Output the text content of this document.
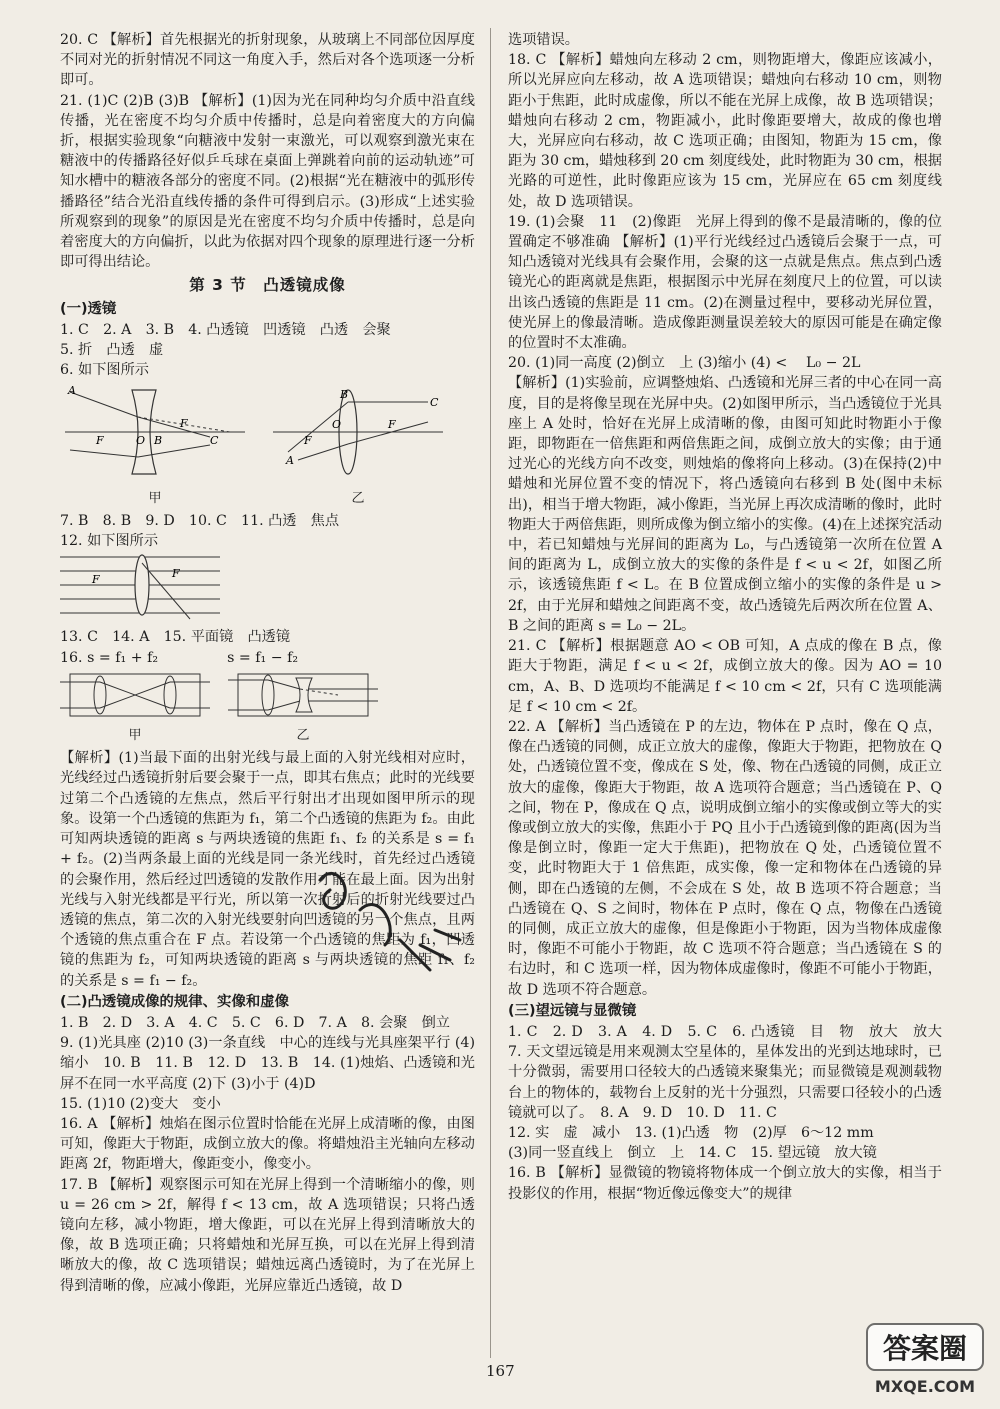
20. C 【解析】首先根据光的折射现象，从玻璃上不同部位因厚度不同对光的折射情况不同这一角度入手，然后对各个选项逐一分析即可。

21. (1)C (2)B (3)B 【解析】(1)因为光在同种均匀介质中沿直线传播，光在密度不均匀介质中传播时，总是向着密度大的方向偏折，根据实验现象“向糖液中发射一束激光，可以观察到激光束在糖液中的传播路径好似乒乓球在桌面上弹跳着向前的运动轨迹”可知水槽中的糖液各部分的密度不同。(2)根据“光在糖液中的弧形传播路径”结合光沿直线传播的条件可得到启示。(3)形成“上述实验所观察到的现象”的原因是光在密度不均匀介质中传播时，总是向着密度大的方向偏折，以此为依据对四个现象的原理进行逐一分析即可得出结论。

第 3 节　凸透镜成像
(一)透镜

1. C　2. A　3. B　4. 凸透镜　凹透镜　凸透　会聚

5. 折　凸透　虚

6. 如下图所示

A
F	O B
F
C
甲
B
O
F
F
C
A
乙

7. B　8. B　9. D　10. C　11. 凸透　焦点

12. 如下图所示

F	F

13. C　14. A　15. 平面镜　凸透镜

16. s = f₁ + f₂	s = f₁ − f₂

甲	乙

【解析】(1)当最下面的出射光线与最上面的入射光线相对应时，光线经过凸透镜折射后要会聚于一点，即其右焦点；此时的光线要过第二个凸透镜的左焦点，然后平行射出才出现如图甲所示的现象。设第一个凸透镜的焦距为 f₁，第二个凸透镜的焦距为 f₂。由此可知两块透镜的距离 s 与两块透镜的焦距 f₁、f₂ 的关系是 s = f₁ + f₂。(2)当两条最上面的光线是同一条光线时，首先经过凸透镜的会聚作用，然后经过凹透镜的发散作用才能在最上面。因为出射光线与入射光线都是平行光，所以第一次折射后的折射光线要过凸透镜的焦点，第二次的入射光线要射向凹透镜的另一个焦点，且两个透镜的焦点重合在 F 点。若设第一个凸透镜的焦距为 f₁，凹透镜的焦距为 f₂，可知两块透镜的距离 s 与两块透镜的焦距 f₁、f₂ 的关系是 s = f₁ − f₂。

(二)凸透镜成像的规律、实像和虚像

1. B　2. D　3. A　4. C　5. C　6. D　7. A　8. 会聚　倒立

9. (1)光具座 (2)10 (3)一条直线　中心的连线与光具座架平行 (4)缩小　10. B　11. B　12. D　13. B　14. (1)烛焰、凸透镜和光屏不在同一水平高度 (2)下 (3)小于 (4)D

15. (1)10 (2)变大　变小

16. A 【解析】烛焰在图示位置时恰能在光屏上成清晰的像，由图可知，像距大于物距，成倒立放大的像。将蜡烛沿主光轴向左移动距离 2f，物距增大，像距变小，像变小。

17. B 【解析】观察图示可知在光屏上得到一个清晰缩小的像，则 u = 26 cm > 2f，解得 f < 13 cm，故 A 选项错误；只将凸透镜向左移，减小物距，增大像距，可以在光屏上得到清晰放大的像，故 B 选项正确；只将蜡烛和光屏互换，可以在光屏上得到清晰放大的像，故 C 选项错误；蜡烛远离凸透镜时，为了在光屏上得到清晰的像，应减小像距，光屏应靠近凸透镜，故 D

选项错误。

18. C 【解析】蜡烛向左移动 2 cm，则物距增大，像距应该减小，所以光屏应向左移动，故 A 选项错误；蜡烛向右移动 10 cm，则物距小于焦距，此时成虚像，所以不能在光屏上成像，故 B 选项错误；蜡烛向右移动 2 cm，物距减小，此时像距要增大，故成的像也增大，光屏应向右移动，故 C 选项正确；由图知，物距为 15 cm，像距为 30 cm，蜡烛移到 20 cm 刻度线处，此时物距为 30 cm，根据光路的可逆性，此时像距应该为 15 cm，光屏应在 65 cm 刻度线处，故 D 选项错误。

19. (1)会聚　11　(2)像距　光屏上得到的像不是最清晰的，像的位置确定不够准确 【解析】(1)平行光线经过凸透镜后会聚于一点，可知凸透镜对光线具有会聚作用，会聚的这一点就是焦点。焦点到凸透镜光心的距离就是焦距，根据图示中光屏在刻度尺上的位置，可以读出该凸透镜的焦距是 11 cm。(2)在测量过程中，要移动光屏位置，使光屏上的像最清晰。造成像距测量误差较大的原因可能是在确定像的位置时不太准确。

20. (1)同一高度 (2)倒立　上 (3)缩小 (4) < 　L₀ − 2L

【解析】(1)实验前，应调整烛焰、凸透镜和光屏三者的中心在同一高度，目的是将像呈现在光屏中央。(2)如图甲所示，当凸透镜位于光具座上 A 处时，恰好在光屏上成清晰的像，由图可知此时物距小于像距，即物距在一倍焦距和两倍焦距之间，成倒立放大的实像；由于通过光心的光线方向不改变，则烛焰的像将向上移动。(3)在保持(2)中蜡烛和光屏位置不变的情况下，将凸透镜向右移到 B 处(图中未标出)，相当于增大物距，减小像距，当光屏上再次成清晰的像时，此时物距大于两倍焦距，则所成像为倒立缩小的实像。(4)在上述探究活动中，若已知蜡烛与光屏间的距离为 L₀，与凸透镜第一次所在位置 A 间的距离为 L，成倒立放大的实像的条件是 f < u < 2f，如图乙所示，该透镜焦距 f < L。在 B 位置成倒立缩小的实像的条件是 u > 2f，由于光屏和蜡烛之间距离不变，故凸透镜先后两次所在位置 A、B 之间的距离 s = L₀ − 2L。

21. C 【解析】根据题意 AO < OB 可知，A 点成的像在 B 点，像距大于物距，满足 f < u < 2f，成倒立放大的像。因为 AO = 10 cm，A、B、D 选项均不能满足 f < 10 cm < 2f，只有 C 选项能满足 f < 10 cm < 2f。

22. A 【解析】当凸透镜在 P 的左边，物体在 P 点时，像在 Q 点，像在凸透镜的同侧，成正立放大的虚像，像距大于物距，把物放在 Q 处，凸透镜位置不变，像成在 S 处，像、物在凸透镜的同侧，成正立放大的虚像，像距大于物距，故 A 选项符合题意；当凸透镜在 P、Q 之间，物在 P，像成在 Q 点，说明成倒立缩小的实像或倒立等大的实像或倒立放大的实像，焦距小于 PQ 且小于凸透镜到像的距离(因为当像是倒立时，像距一定大于焦距)，把物放在 Q 处，凸透镜位置不变，此时物距大于 1 倍焦距，成实像，像一定和物体在凸透镜的异侧，即在凸透镜的左侧，不会成在 S 处，故 B 选项不符合题意；当凸透镜在 Q、S 之间时，物体在 P 点时，像在 Q 点，物像在凸透镜的同侧，成正立放大的虚像，但是像距小于物距，因为当物体成虚像时，像距不可能小于物距，故 C 选项不符合题意；当凸透镜在 S 的右边时，和 C 选项一样，因为物体成虚像时，像距不可能小于物距，故 D 选项不符合题意。

(三)望远镜与显微镜

1. C　2. D　3. A　4. D　5. C　6. 凸透镜　目　物　放大　放大　7. 天文望远镜是用来观测太空星体的，星体发出的光到达地球时，已十分微弱，需要用口径较大的凸透镜来聚集光；而显微镜是观测载物台上的物体的，载物台上反射的光十分强烈，只需要口径较小的凸透镜就可以了。　8. A　9. D　10. D　11. C

12. 实　虚　减小　13. (1)凸透　物　(2)厚　6～12 mm

(3)同一竖直线上　倒立　上　14. C　15. 望远镜　放大镜

16. B 【解析】显微镜的物镜将物体成一个倒立放大的实像，相当于投影仪的作用，根据“物近像远像变大”的规律

167
答案圈
MXQE.COM
